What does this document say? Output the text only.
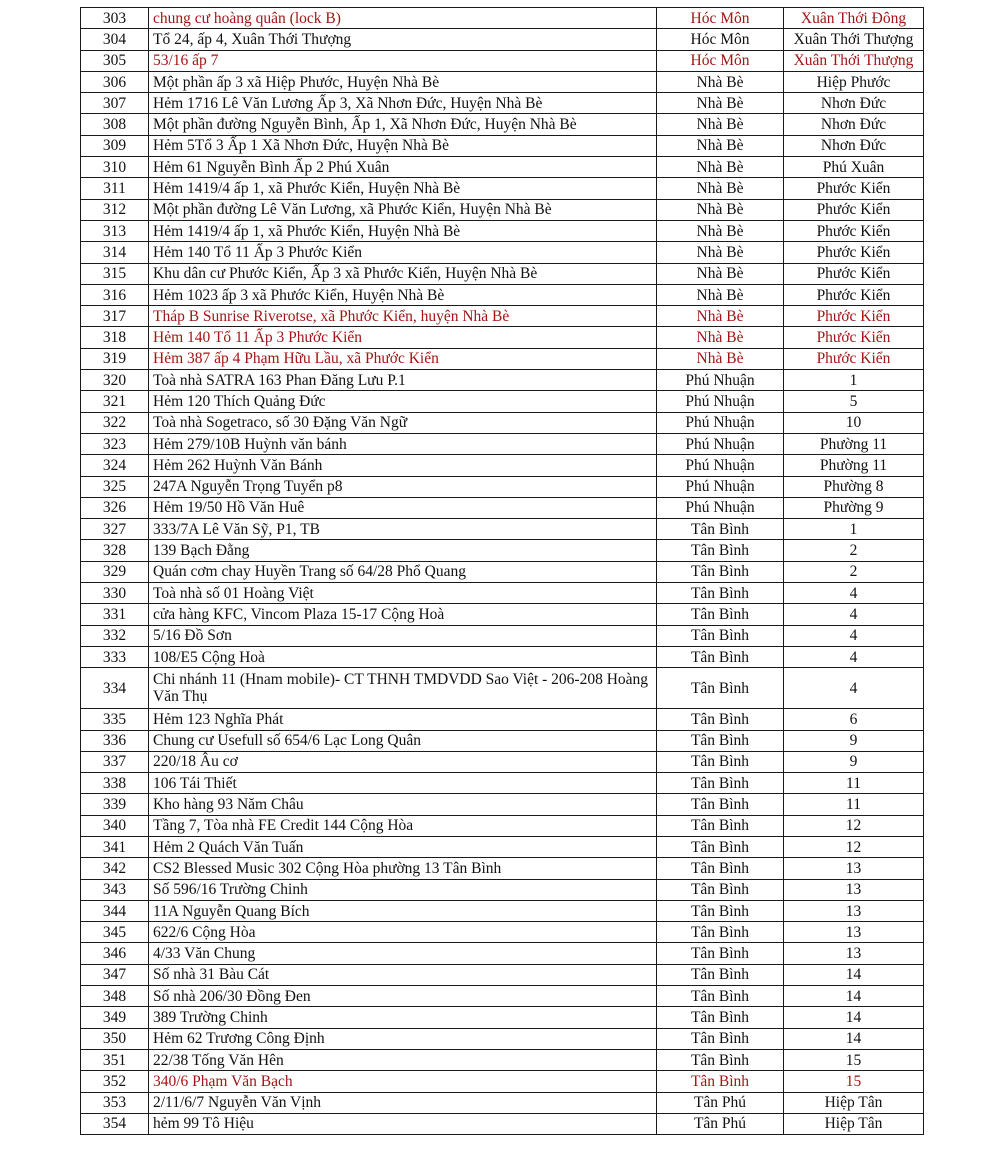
303	chung cư hoàng quân (lock B)	Hóc Môn	Xuân Thới Đông
304	Tổ 24, ấp 4, Xuân Thới Thượng	Hóc Môn	Xuân Thới Thượng
305	53/16 ấp 7	Hóc Môn	Xuân Thới Thượng
306	Một phần ấp 3 xã Hiệp Phước, Huyện Nhà Bè	Nhà Bè	Hiệp Phước
307	Hẻm 1716 Lê Văn Lương Ấp 3, Xã Nhơn Đức, Huyện Nhà Bè	Nhà Bè	Nhơn Đức
308	Một phần đường Nguyễn Bình, Ấp 1, Xã Nhơn Đức, Huyện Nhà Bè	Nhà Bè	Nhơn Đức
309	Hẻm 5Tổ 3 Ấp 1 Xã Nhơn Đức, Huyện Nhà Bè	Nhà Bè	Nhơn Đức
310	Hẻm 61 Nguyễn Bình Ấp 2 Phú Xuân	Nhà Bè	Phú Xuân
311	Hẻm 1419/4 ấp 1, xã Phước Kiển, Huyện Nhà Bè	Nhà Bè	Phước Kiển
312	Một phần đường Lê Văn Lương, xã Phước Kiển, Huyện Nhà Bè	Nhà Bè	Phước Kiển
313	Hẻm 1419/4 ấp 1, xã Phước Kiển, Huyện Nhà Bè	Nhà Bè	Phước Kiển
314	Hẻm 140 Tổ 11 Ấp 3 Phước Kiển	Nhà Bè	Phước Kiển
315	Khu dân cư Phước Kiển, Ấp 3 xã Phước Kiển, Huyện Nhà Bè	Nhà Bè	Phước Kiển
316	Hẻm 1023 ấp 3 xã Phước Kiển, Huyện Nhà Bè	Nhà Bè	Phước Kiển
317	Tháp B Sunrise Riverotse, xã Phước Kiển, huyện Nhà Bè	Nhà Bè	Phước Kiển
318	Hẻm 140 Tổ 11 Ấp 3 Phước Kiển	Nhà Bè	Phước Kiển
319	Hẻm 387 ấp 4 Phạm Hữu Lầu, xã Phước Kiển	Nhà Bè	Phước Kiển
320	Toà nhà SATRA 163 Phan Đăng Lưu P.1	Phú Nhuận	1
321	Hẻm 120 Thích Quảng Đức	Phú Nhuận	5
322	Toà nhà Sogetraco, số 30 Đặng Văn Ngữ	Phú Nhuận	10
323	Hẻm 279/10B Huỳnh văn bánh	Phú Nhuận	Phường 11
324	Hẻm 262 Huỳnh Văn Bánh	Phú Nhuận	Phường 11
325	247A Nguyễn Trọng Tuyển p8	Phú Nhuận	Phường 8
326	Hẻm 19/50 Hồ Văn Huê	Phú Nhuận	Phường 9
327	333/7A Lê Văn Sỹ, P1, TB	Tân Bình	1
328	139 Bạch Đằng	Tân Bình	2
329	Quán cơm chay Huyền Trang số 64/28 Phổ Quang	Tân Bình	2
330	Toà nhà số 01 Hoàng Việt	Tân Bình	4
331	cửa hàng KFC, Vincom Plaza 15-17 Cộng Hoà	Tân Bình	4
332	5/16 Đồ Sơn	Tân Bình	4
333	108/E5 Cộng Hoà	Tân Bình	4
334	Chi nhánh 11 (Hnam mobile)- CT THNH TMDVDD Sao Việt - 206-208 Hoàng Văn Thụ	Tân Bình	4
335	Hẻm 123 Nghĩa Phát	Tân Bình	6
336	Chung cư Usefull số 654/6 Lạc Long Quân	Tân Bình	9
337	220/18 Âu cơ	Tân Bình	9
338	106 Tái Thiết	Tân Bình	11
339	Kho hàng 93 Năm Châu	Tân Bình	11
340	Tầng 7, Tòa nhà FE Credit 144 Cộng Hòa	Tân Bình	12
341	Hẻm 2 Quách Văn Tuấn	Tân Bình	12
342	CS2 Blessed Music 302 Cộng Hòa phường 13 Tân Bình	Tân Bình	13
343	Số 596/16 Trường Chinh	Tân Bình	13
344	11A Nguyễn Quang Bích	Tân Bình	13
345	622/6 Cộng Hòa	Tân Bình	13
346	4/33 Văn Chung	Tân Bình	13
347	Số nhà 31 Bàu Cát	Tân Bình	14
348	Số nhà 206/30 Đồng Đen	Tân Bình	14
349	389 Trường Chinh	Tân Bình	14
350	Hẻm 62 Trương Công Định	Tân Bình	14
351	22/38 Tống Văn Hên	Tân Bình	15
352	340/6 Phạm Văn Bạch	Tân Bình	15
353	2/11/6/7 Nguyễn Văn Vịnh	Tân Phú	Hiệp Tân
354	hẻm 99 Tô Hiệu	Tân Phú	Hiệp Tân
